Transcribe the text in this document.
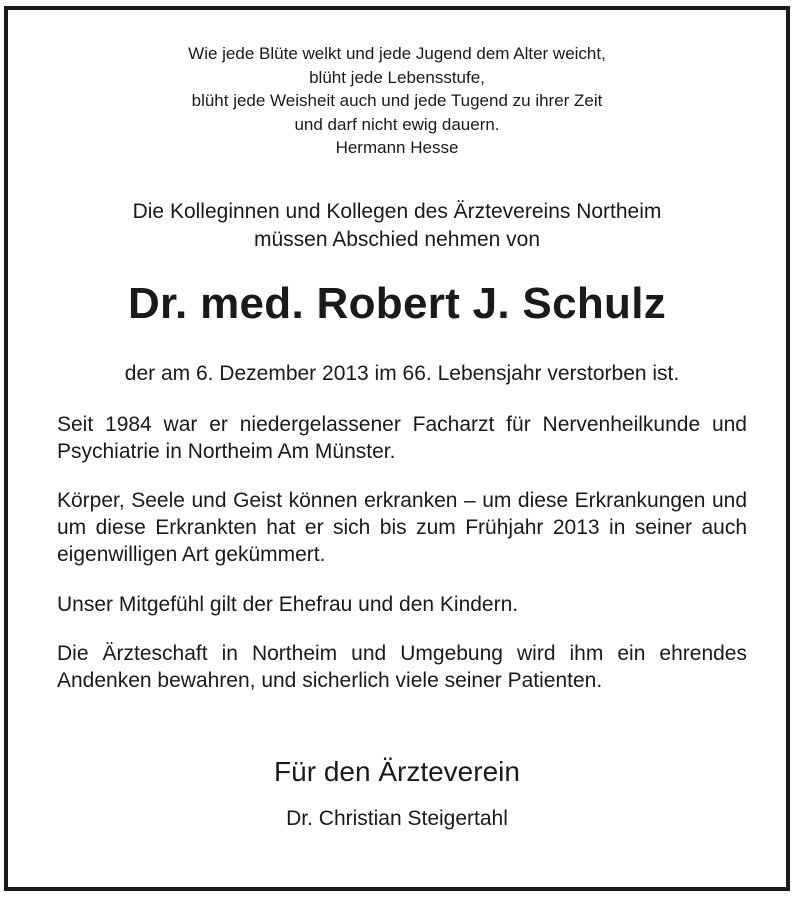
Wie jede Blüte welkt und jede Jugend dem Alter weicht,
blüht jede Lebensstufe,
blüht jede Weisheit auch und jede Tugend zu ihrer Zeit
und darf nicht ewig dauern.
Hermann Hesse
Die Kolleginnen und Kollegen des Ärztevereins Northeim
müssen Abschied nehmen von
Dr. med. Robert J. Schulz
der am 6. Dezember 2013 im 66. Lebensjahr verstorben ist.
Seit 1984 war er niedergelassener Facharzt für Nervenheilkunde und Psychiatrie in Northeim Am Münster.
Körper, Seele und Geist können erkranken – um diese Erkrankungen und um diese Erkrankten hat er sich bis zum Frühjahr 2013 in seiner auch eigenwilligen Art gekümmert.
Unser Mitgefühl gilt der Ehefrau und den Kindern.
Die Ärzteschaft in Northeim und Umgebung wird ihm ein ehrendes Andenken bewahren, und sicherlich viele seiner Patienten.
Für den Ärzteverein
Dr. Christian Steigertahl
